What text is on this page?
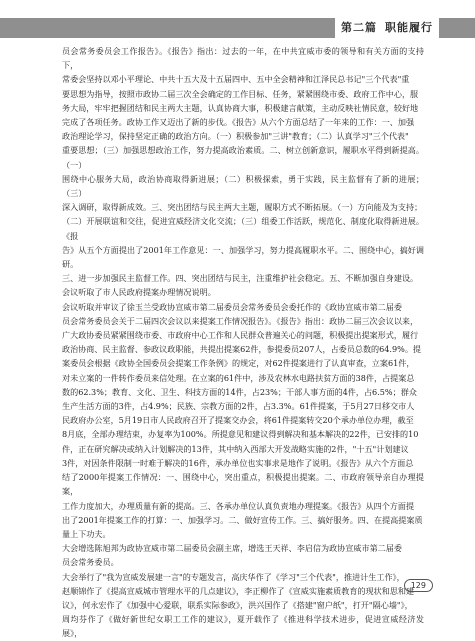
第二篇 职能履行

员会常务委员会工作报告》。《报告》指出：过去的一年，在中共宜威市委的领导和有关方面的支持下，
常委会坚持以邓小平理论、中共十五大及十五届四中、五中全会精神和江泽民总书记"三个代表"重
要思想为指导，按照市政协二届三次全会确定的工作目标、任务，紧紧围绕市委、政府工作中心，服
务大局，牢牢把握团结和民主两大主题，认真协商大事，积极建言献策，主动反映社情民意，较好地
完成了各项任务。政协工作又迈出了新的步伐。《报告》从六个方面总结了一年来的工作：一、加强
政治理论学习，保持坚定正确的政治方向。（一）积极参加"三讲"教育；（二）认真学习"三个代表"
重要思想；（三）加强思想政治工作，努力提高政治素质。二、树立创新意识，履职水平得到新提高。（一）
围绕中心服务大局，政治协商取得新进展；（二）积极探索，勇于实践，民主监督有了新的进展；（三）
深入调研，取得新成效。三、突出团结与民主两大主题，履职方式不断拓展。（一）方向能及为支持；
（二）开展联谊和交往，促进宜威经济文化交流；（三）组委工作活跃，规范化、制度化取得新进展。《报
告》从五个方面提出了2001年工作意见：一、加强学习，努力提高履职水平。二、围绕中心，搞好调研。
三、进一步加强民主监督工作。四、突出团结与民主，注重维护社会稳定。五、不断加强自身建设。

会议听取了市人民政府提案办理情况说明。

会议听取并审议了徐玉兰受政协宣威市第二届委员会常务委员会委托作的《政协宣威市第二届委
员会常务委员会关于二届四次会议以来提案工作情况报告》。《报告》指出：政协二届三次会议以来，
广大政协委员紧紧围绕市委、市政府中心工作和人民群众普遍关心的问题，积极提出提案形式，履行
政治协商、民主监督、参政议政职能，共提出提案62件，参提委员207人，占委员总数的64.9%。提
案委员会根据《政协全国委员会提案工作条例》的规定，对62件提案进行了认真审查，立案61件，
对未立案的一件转作委员来信处理。在立案的61件中，涉及农林水电路扶贫方面的38件，占提案总
数的62.3%；教育、文化、卫生、科技方面的14件，占23%；干部人事方面的4件，占6.5%；群众
生产生活方面的3件，占4.9%；民族、宗教方面的2件，占3.3%。61件提案，于5月27日移交市人
民政府办公室，5月19日市人民政府召开了提案交办会，将61件提案转交20个承办单位办理，截至
8月底，全部办理结束，办复率为100%。所提意见和建议得到解决和基本解决的22件，已安排的10
件，正在研究解决或纳入计划解决的13件，其中纳入西部大开发战略实施的2件，"十五"计划建议
3件，对因条件限制一时难于解决的16件，承办单位也实事求是地作了说明。《报告》从六个方面总
结了2000年提案工作情况：一、围绕中心，突出重点，积极提出提案。二、市政府领导亲自办理提案，
工作力度加大，办理质量有新的提高。三、各承办单位认真负责地办理提案。《报告》从四个方面提
出了2001年提案工作的打算：一、加强学习。二、做好宣传工作。三、搞好服务。四、在提高提案质
量上下功夫。

大会增选陈旭邦为政协宣威市第二届委员会副主席，增选王天祥、李启信为政协宣威市第二届委
员会常务委员。

大会举行了"我为宣威发展建一言"的专题发言，高庆华作了《学习"三个代表"，推进计生工作》，
赵顺锦作了《提高宣威城市管理水平的几点建议》，李正柳作了《宣威实施素质教育的现状和思和建
议》，何永宏作了《加强中心爱联，联系实际参政》，洪兴国作了《搭建"窗户纸"，打开"隔心墙"》，
周均芬作了《做好新世纪女职工工作的建议》，夏开载作了《推进科学技术进步，促进宣威经济发展》，

129
